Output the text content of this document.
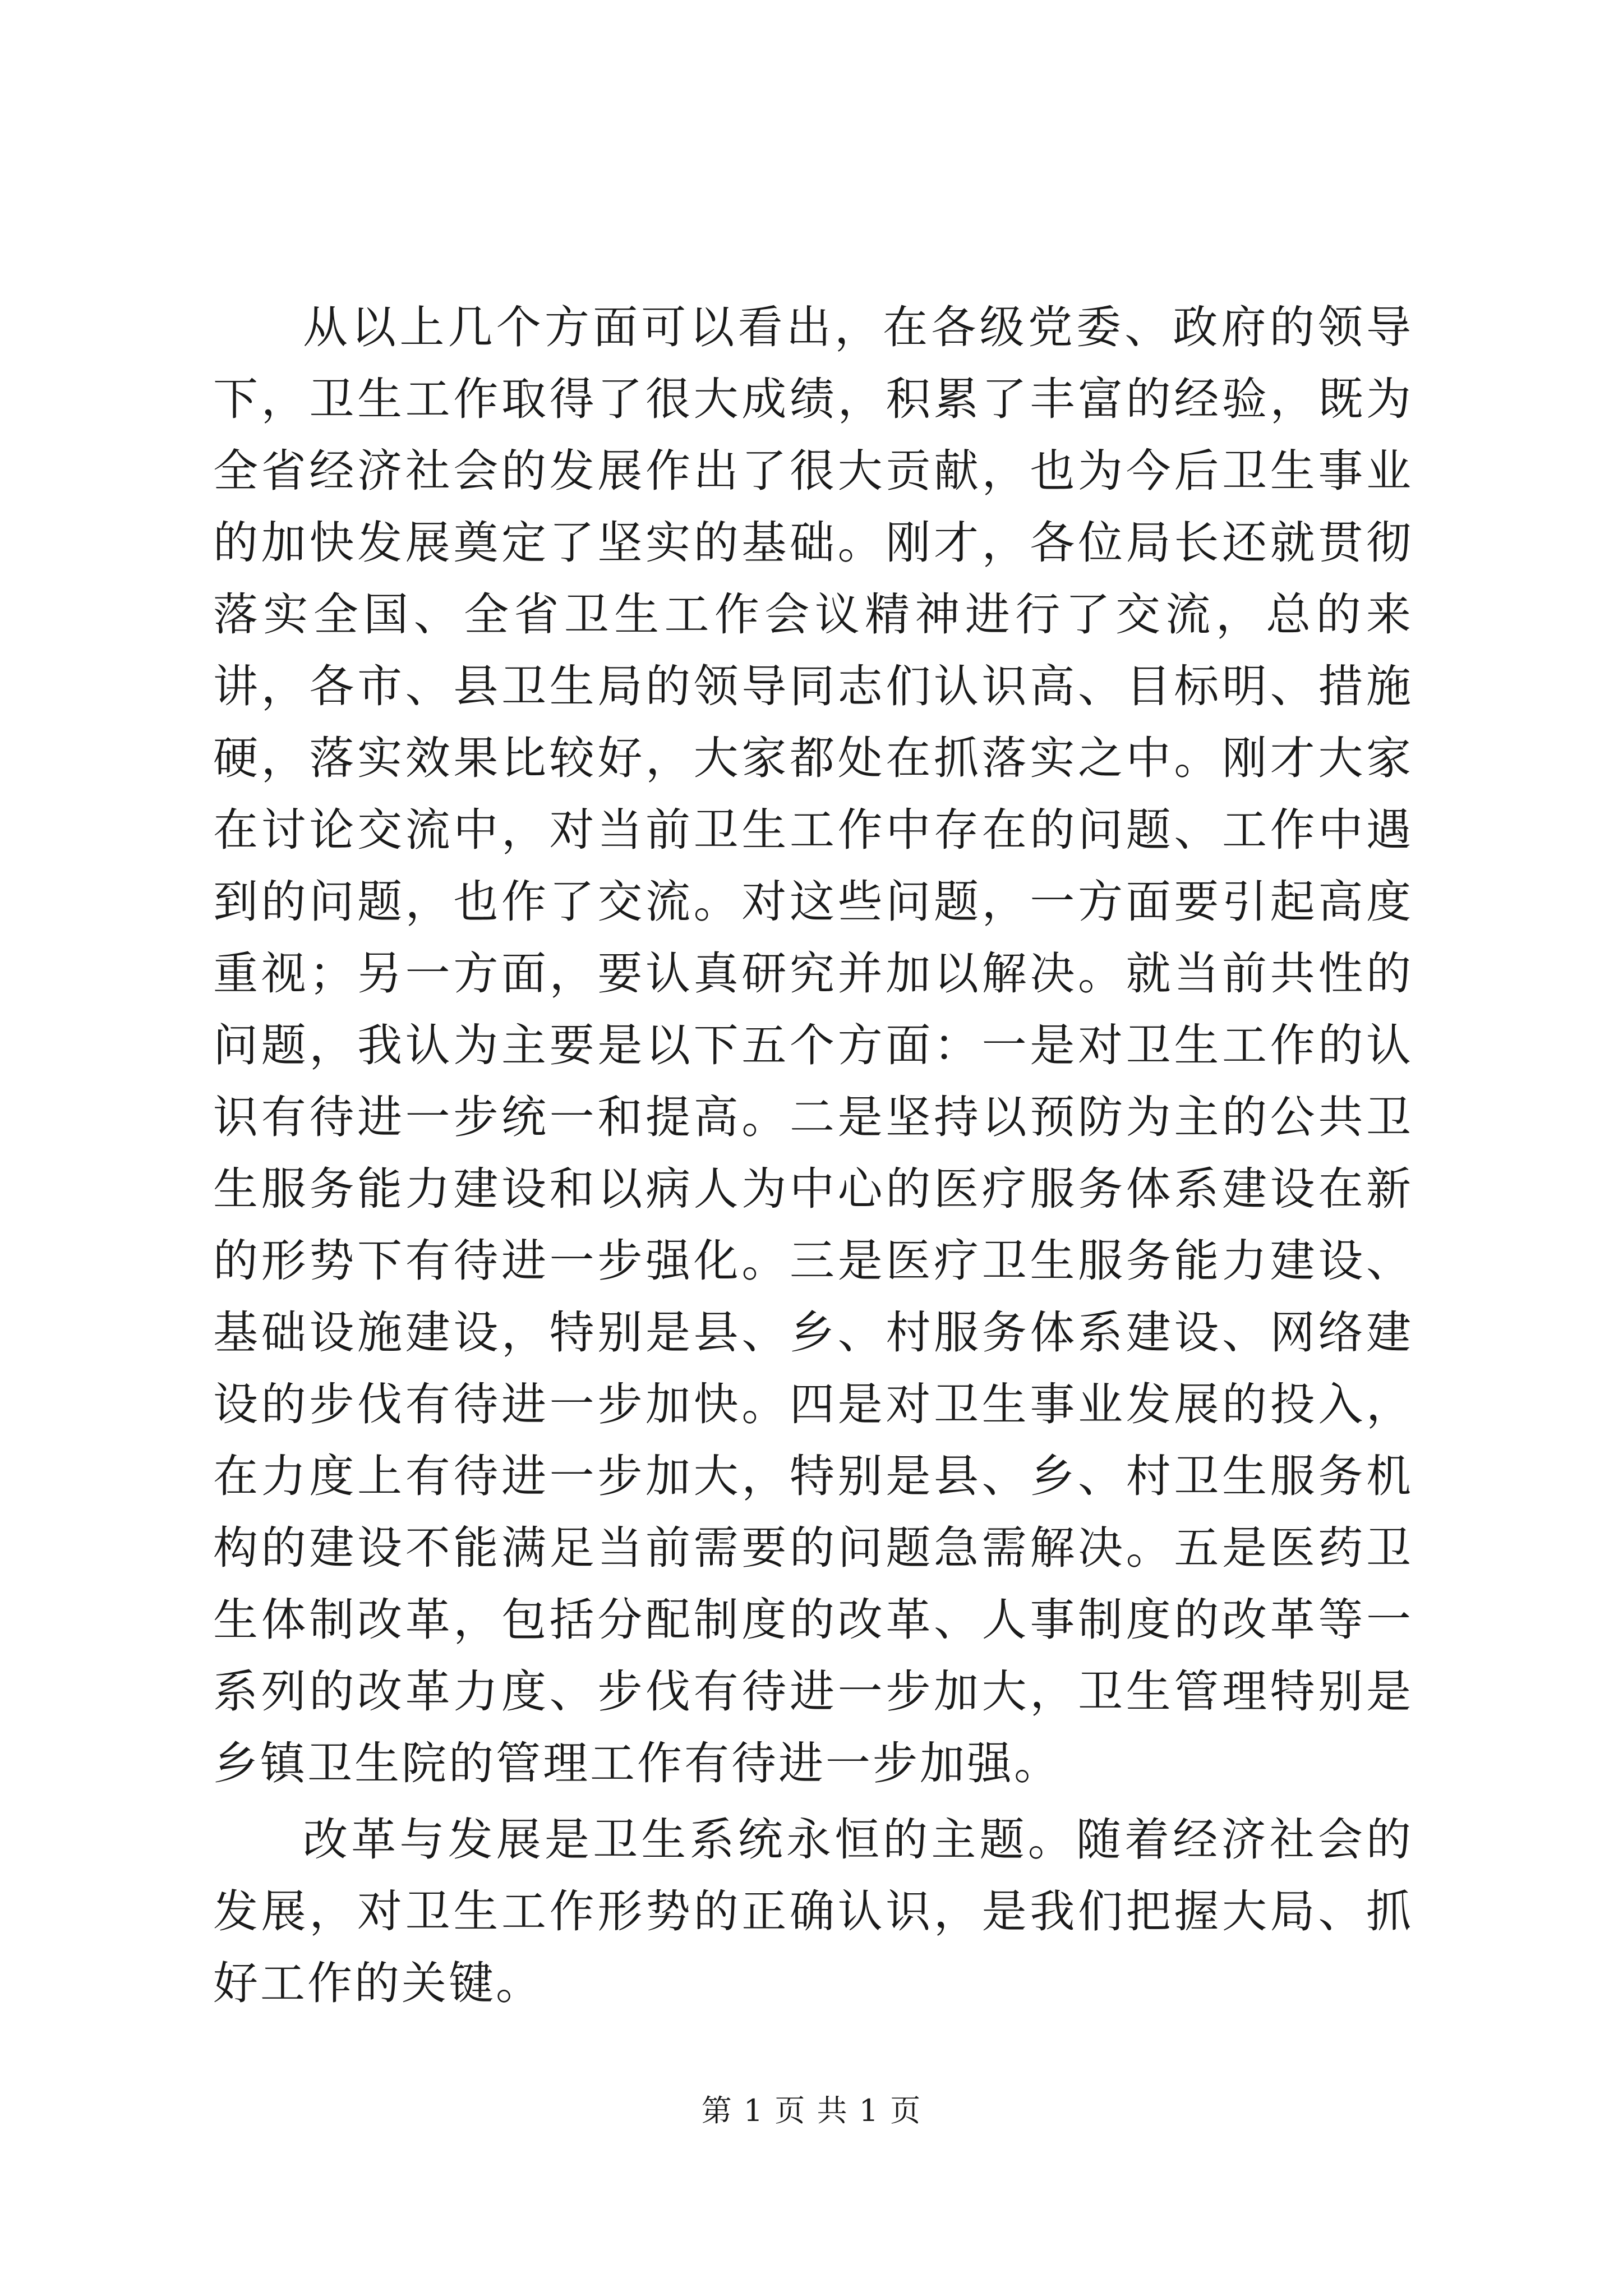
从以上几个方面可以看出，在各级党委、政府的领导下，卫生工作取得了很大成绩，积累了丰富的经验，既为全省经济社会的发展作出了很大贡献，也为今后卫生事业的加快发展奠定了坚实的基础。刚才，各位局长还就贯彻落实全国、全省卫生工作会议精神进行了交流，总的来讲，各市、县卫生局的领导同志们认识高、目标明、措施硬，落实效果比较好，大家都处在抓落实之中。刚才大家在讨论交流中，对当前卫生工作中存在的问题、工作中遇到的问题，也作了交流。对这些问题，一方面要引起高度重视；另一方面，要认真研究并加以解决。就当前共性的问题，我认为主要是以下五个方面：一是对卫生工作的认识有待进一步统一和提高。二是坚持以预防为主的公共卫生服务能力建设和以病人为中心的医疗服务体系建设在新的形势下有待进一步强化。三是医疗卫生服务能力建设、基础设施建设，特别是县、乡、村服务体系建设、网络建设的步伐有待进一步加快。四是对卫生事业发展的投入，在力度上有待进一步加大，特别是县、乡、村卫生服务机构的建设不能满足当前需要的问题急需解决。五是医药卫生体制改革，包括分配制度的改革、人事制度的改革等一系列的改革力度、步伐有待进一步加大，卫生管理特别是乡镇卫生院的管理工作有待进一步加强。

改革与发展是卫生系统永恒的主题。随着经济社会的发展，对卫生工作形势的正确认识，是我们把握大局、抓好工作的关键。

第 1 页 共 1 页
